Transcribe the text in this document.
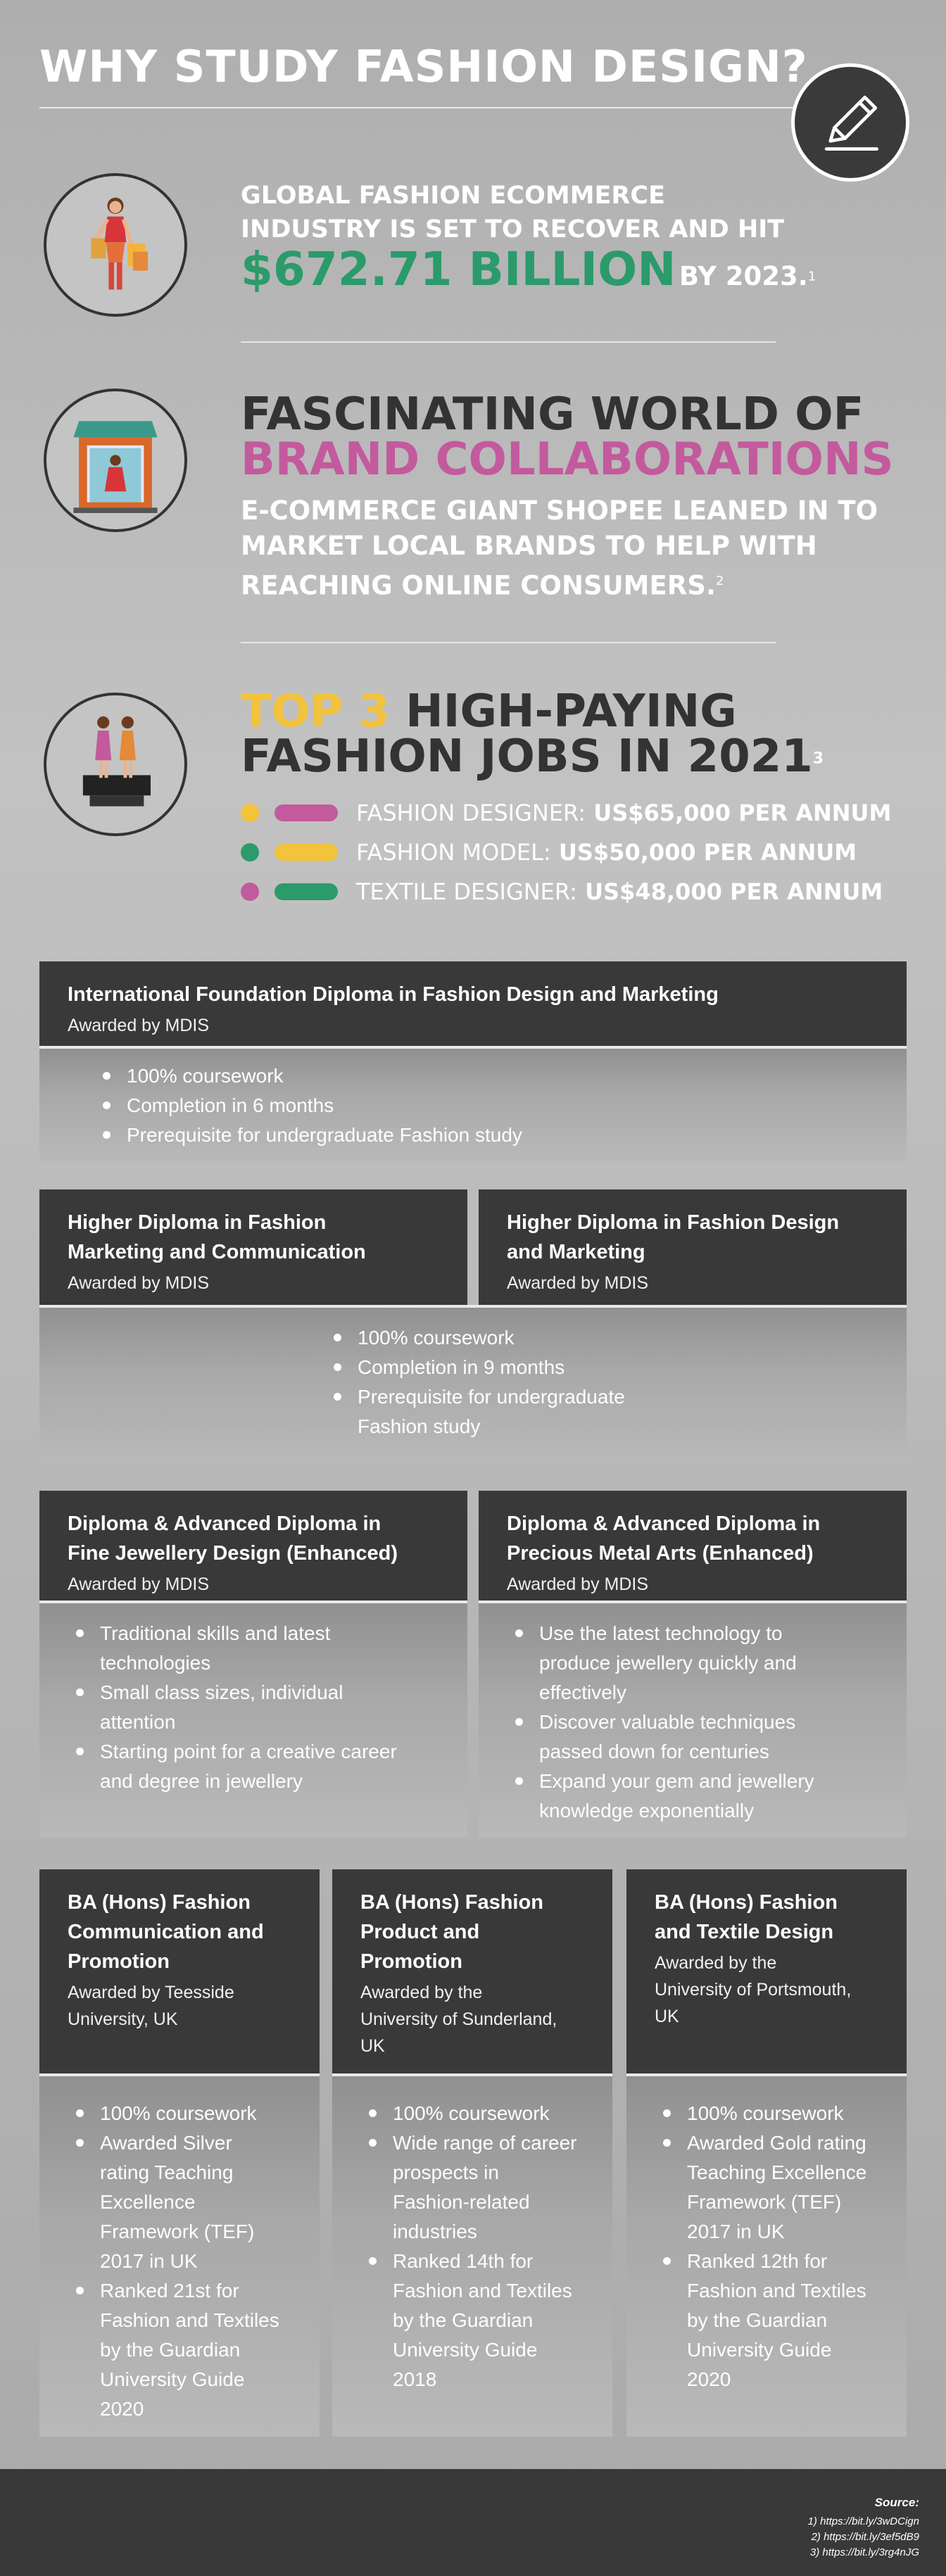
WHY STUDY FASHION DESIGN?
GLOBAL FASHION ECOMMERCE
INDUSTRY IS SET TO RECOVER AND HIT
$672.71 BILLION BY 2023.1
FASCINATING WORLD OF
BRAND COLLABORATIONS
E-COMMERCE GIANT SHOPEE LEANED IN TO
MARKET LOCAL BRANDS TO HELP WITH
REACHING ONLINE CONSUMERS.$^2$
TOP 3 HIGH-PAYING
FASHION JOBS IN 20213
FASHION DESIGNER: US$65,000 PER ANNUM
FASHION MODEL: US$50,000 PER ANNUM
TEXTILE DESIGNER: US$48,000 PER ANNUM
International Foundation Diploma in Fashion Design and Marketing
Awarded by MDIS
100% coursework
Completion in 6 months
Prerequisite for undergraduate Fashion study
Higher Diploma in Fashion
Marketing and Communication
Awarded by MDIS
Higher Diploma in Fashion Design
and Marketing
Awarded by MDIS
100% coursework
Completion in 9 months
Prerequisite for undergraduate
Fashion study
Diploma & Advanced Diploma in
Fine Jewellery Design (Enhanced)
Awarded by MDIS
Diploma & Advanced Diploma in
Precious Metal Arts (Enhanced)
Awarded by MDIS
Traditional skills and latest
technologies
Small class sizes, individual
attention
Starting point for a creative career
and degree in jewellery
Use the latest technology to
produce jewellery quickly and
effectively
Discover valuable techniques
passed down for centuries
Expand your gem and jewellery
knowledge exponentially
BA (Hons) Fashion
Communication and
Promotion
Awarded by Teesside
University, UK
BA (Hons) Fashion
Product and
Promotion
Awarded by the
University of Sunderland,
UK
BA (Hons) Fashion
and Textile Design
Awarded by the
University of Portsmouth,
UK
100% coursework
Awarded Silver
rating Teaching
Excellence
Framework (TEF)
2017 in UK
Ranked 21st for
Fashion and Textiles
by the Guardian
University Guide
2020
100% coursework
Wide range of career
prospects in
Fashion-related
industries
Ranked 14th for
Fashion and Textiles
by the Guardian
University Guide
2018
100% coursework
Awarded Gold rating
Teaching Excellence
Framework (TEF)
2017 in UK
Ranked 12th for
Fashion and Textiles
by the Guardian
University Guide
2020
Source:
1) https://bit.ly/3wDCign
2) https://bit.ly/3ef5dB9
3) https://bit.ly/3rg4nJG
